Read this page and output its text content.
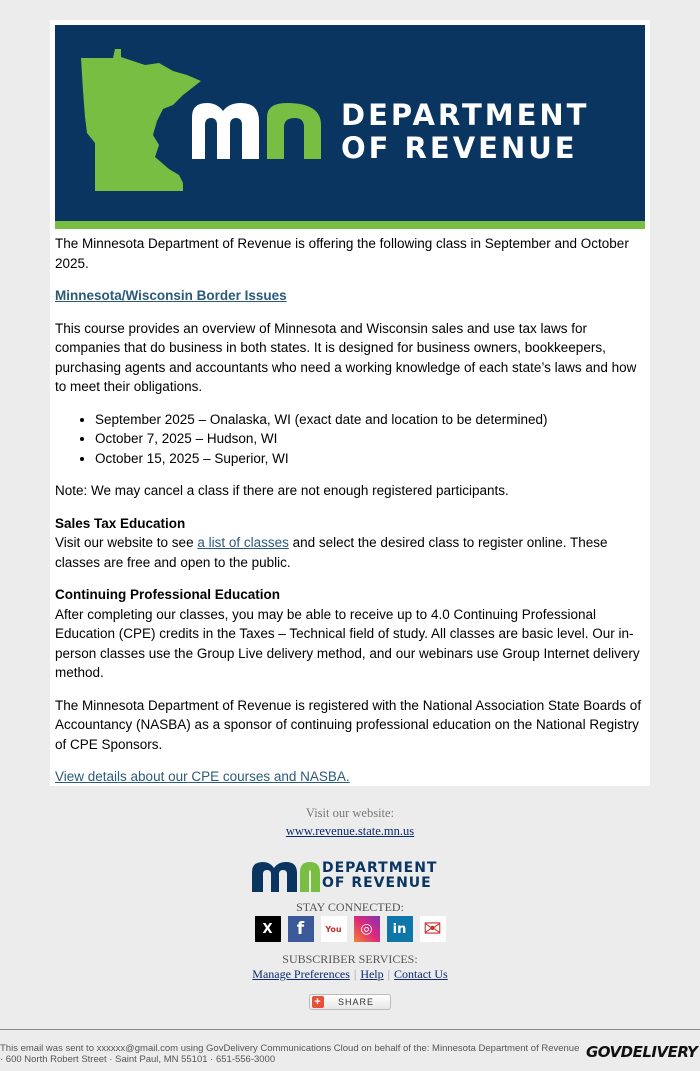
DEPARTMENT
OF REVENUE

The Minnesota Department of Revenue is offering the following class in September and October 2025.

Minnesota/Wisconsin Border Issues

This course provides an overview of Minnesota and Wisconsin sales and use tax laws for companies that do business in both states. It is designed for business owners, bookkeepers, purchasing agents and accountants who need a working knowledge of each state’s laws and how to meet their obligations.

• September 2025 – Onalaska, WI (exact date and location to be determined)
• October 7, 2025 – Hudson, WI
• October 15, 2025 – Superior, WI

Note: We may cancel a class if there are not enough registered participants.

Sales Tax Education
Visit our website to see a list of classes and select the desired class to register online. These classes are free and open to the public.

Continuing Professional Education
After completing our classes, you may be able to receive up to 4.0 Continuing Professional Education (CPE) credits in the Taxes – Technical field of study. All classes are basic level. Our in-person classes use the Group Live delivery method, and our webinars use Group Internet delivery method.

The Minnesota Department of Revenue is registered with the National Association State Boards of Accountancy (NASBA) as a sponsor of continuing professional education on the National Registry of CPE Sponsors.

View details about our CPE courses and NASBA.

Visit our website:
www.revenue.state.mn.us
DEPARTMENT
OF REVENUE
STAY CONNECTED:
X	f	You	◎	in ✉
SUBSCRIBER SERVICES:
Manage Preferences | Help | Contact Us
+ SHARE
This email was sent to xxxxxx@gmail.com using GovDelivery Communications Cloud on behalf of the: Minnesota Department of Revenue · 600 North Robert Street · Saint Paul, MN 55101 · 651-556-3000	GOVDELIVERY
